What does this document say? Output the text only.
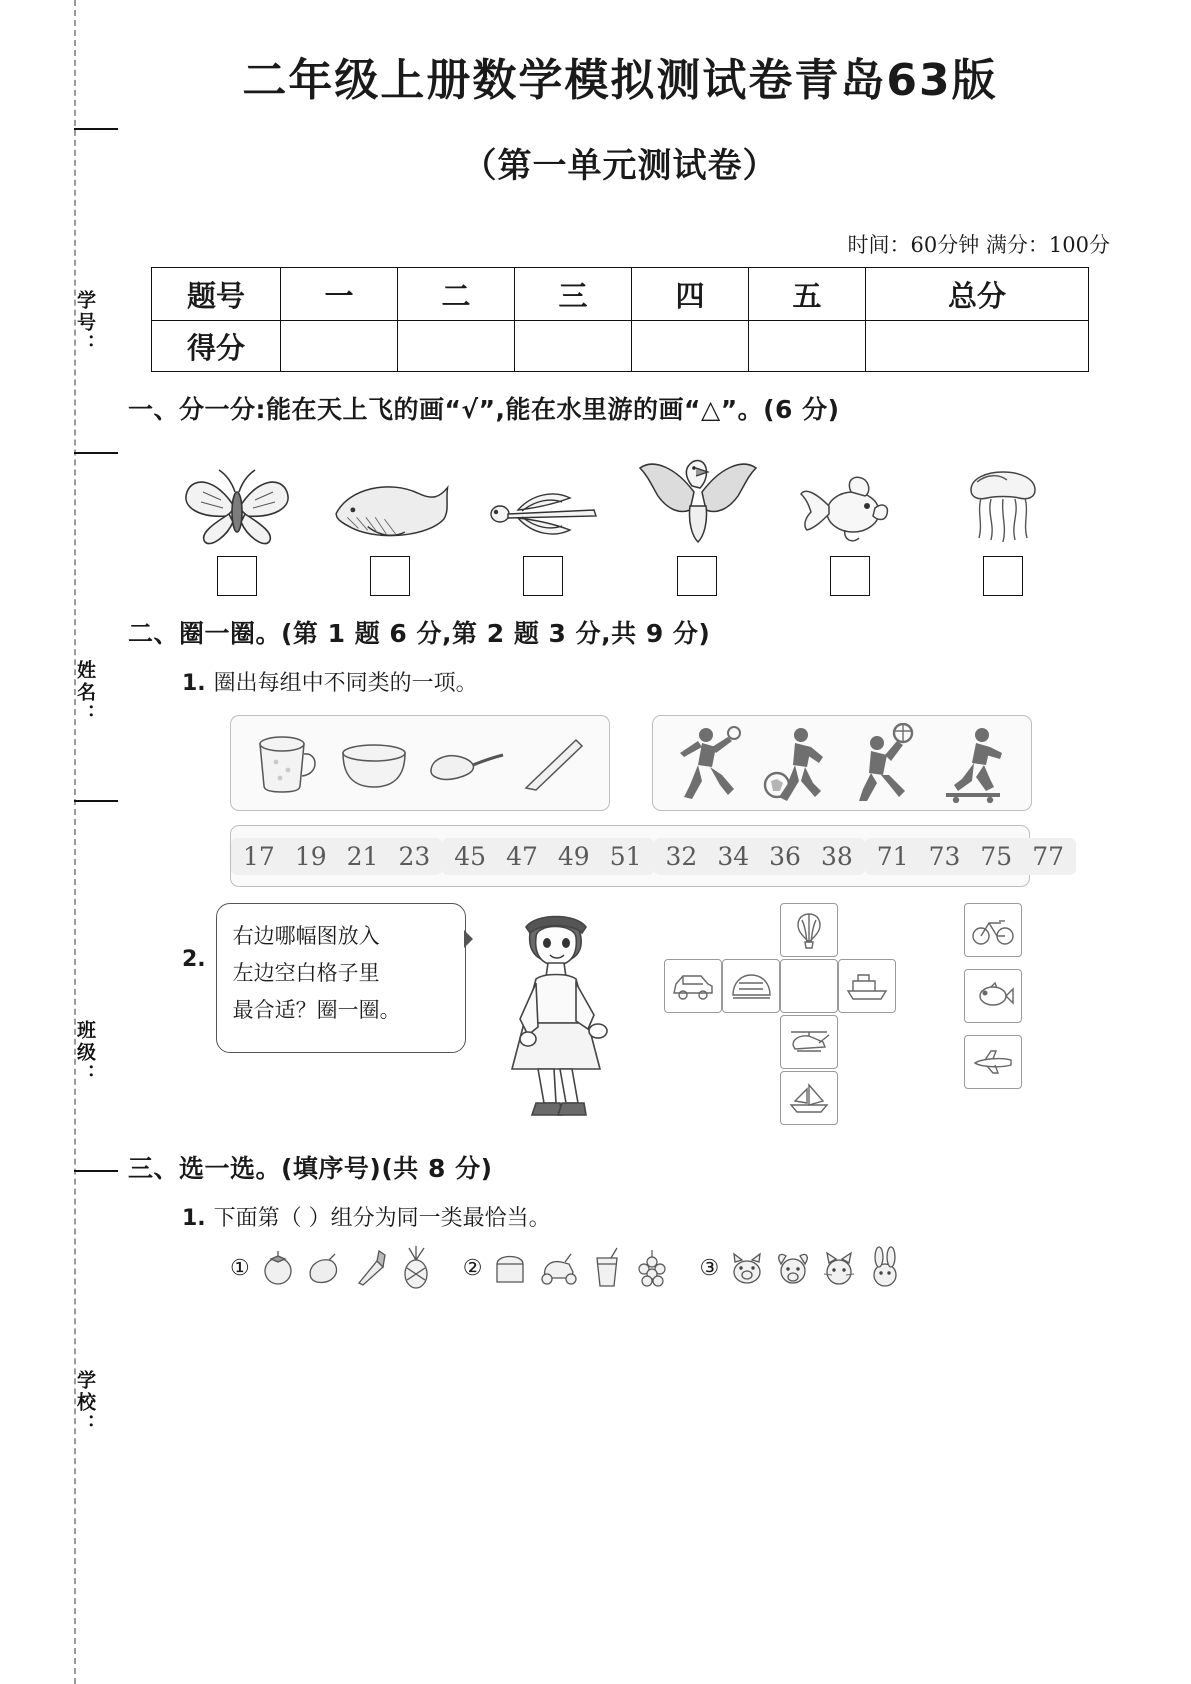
学号：
姓名：
班级：
学校：
二年级上册数学模拟测试卷青岛63版
（第一单元测试卷）
时间：60分钟 满分：100分
题号	一	二	三	四	五	总分
得分						
一、分一分:能在天上飞的画“√”,能在水里游的画“△”。(6 分)
二、圈一圈。(第 1 题 6 分,第 2 题 3 分,共 9 分)
1. 圈出每组中不同类的一项。
17 19 21 23 45 47 49 51 32 34 36 38 71 73 75 77
2.
右边哪幅图放入
左边空白格子里
最合适？圈一圈。
三、选一选。(填序号)(共 8 分)
1. 下面第（ ）组分为同一类最恰当。
①	②	③
